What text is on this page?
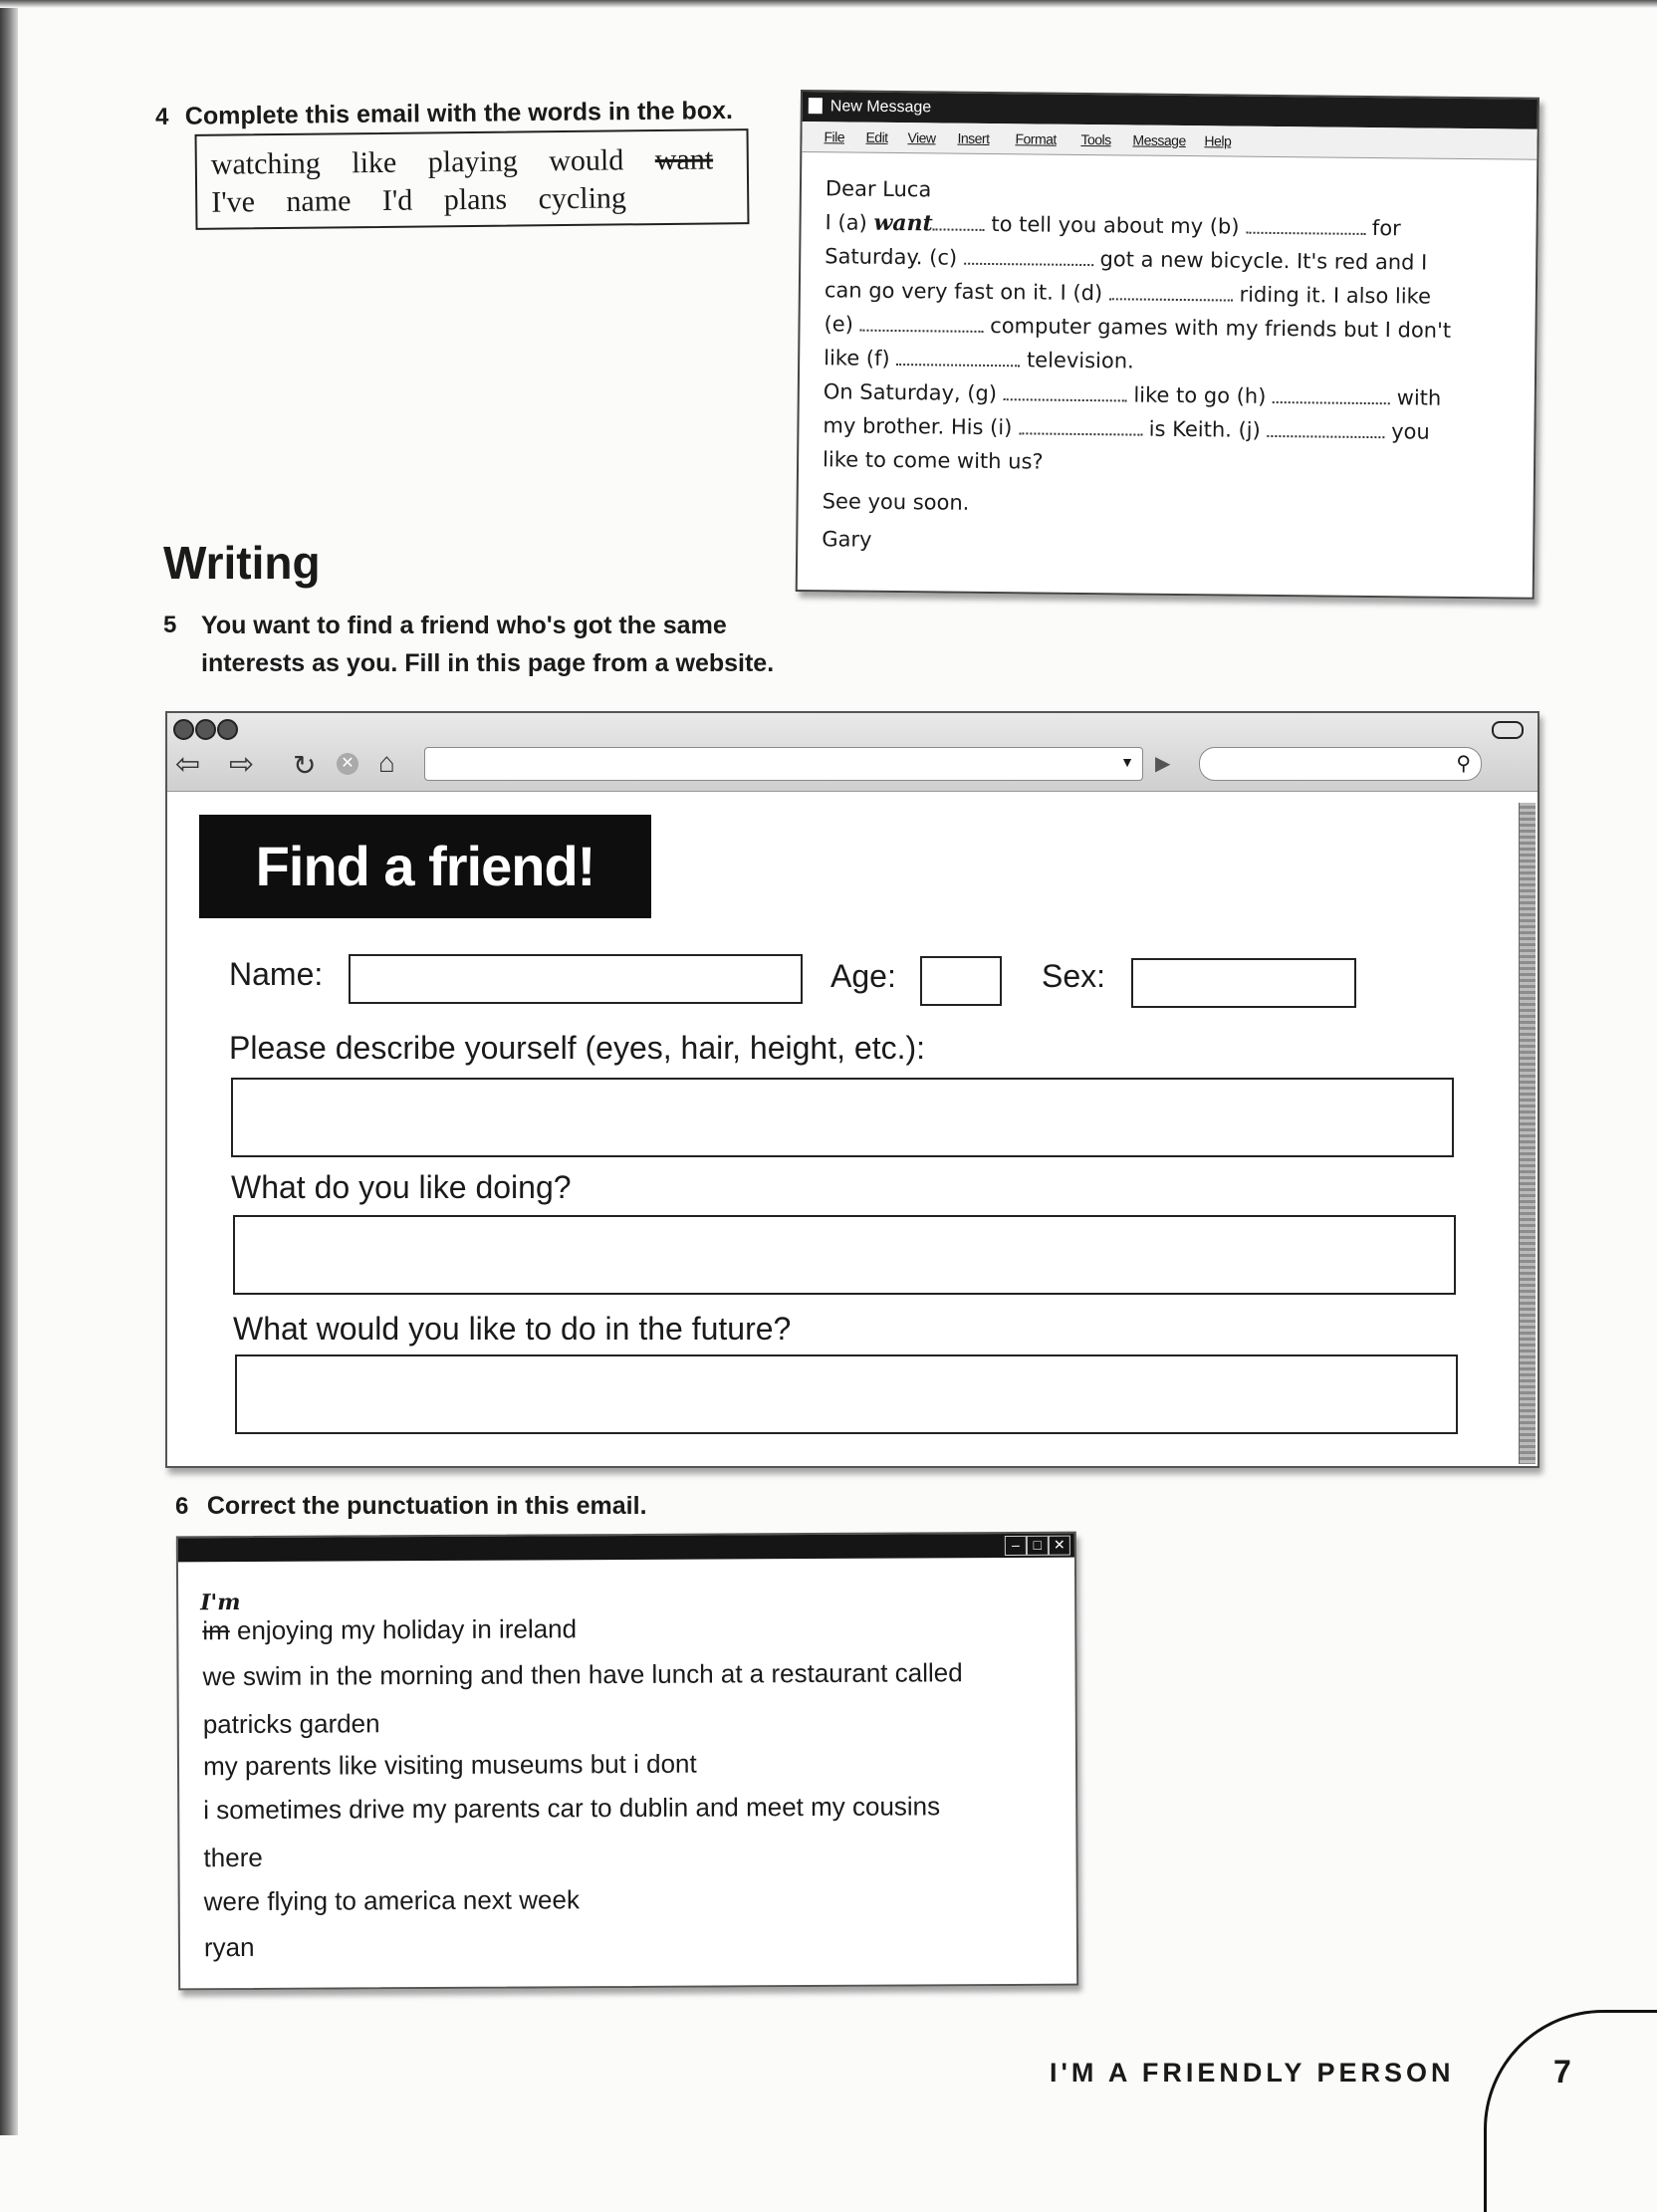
4 Complete this email with the words in the box.
watching like playing would want
I've name I'd plans cycling
New Message
File Edit View Insert Format Tools Message Help
Dear Luca
I (a) want	to tell you about my (b)	for
Saturday. (c)	got a new bicycle. It's red and I
can go very fast on it. I (d)	riding it. I also like
(e)	computer games with my friends but I don't
like (f)	television.
On Saturday, (g)	like to go (h)	with
my brother. His (i)	is Keith. (j)	you
like to come with us?
See you soon.
Gary
Writing
5 You want to find a friend who's got the same
interests as you. Fill in this page from a website.
⇦ ⇨ ↻ ✕ ⌂	▼ ▶	⚲
Find a friend!
Name:	Age:	Sex:
Please describe yourself (eyes, hair, height, etc.):
What do you like doing?
What would you like to do in the future?
6 Correct the punctuation in this email.
– □ ✕
I'm
im enjoying my holiday in ireland
we swim in the morning and then have lunch at a restaurant called
patricks garden
my parents like visiting museums but i dont
i sometimes drive my parents car to dublin and meet my cousins
there
were flying to america next week
ryan
I'M A FRIENDLY PERSON	7
